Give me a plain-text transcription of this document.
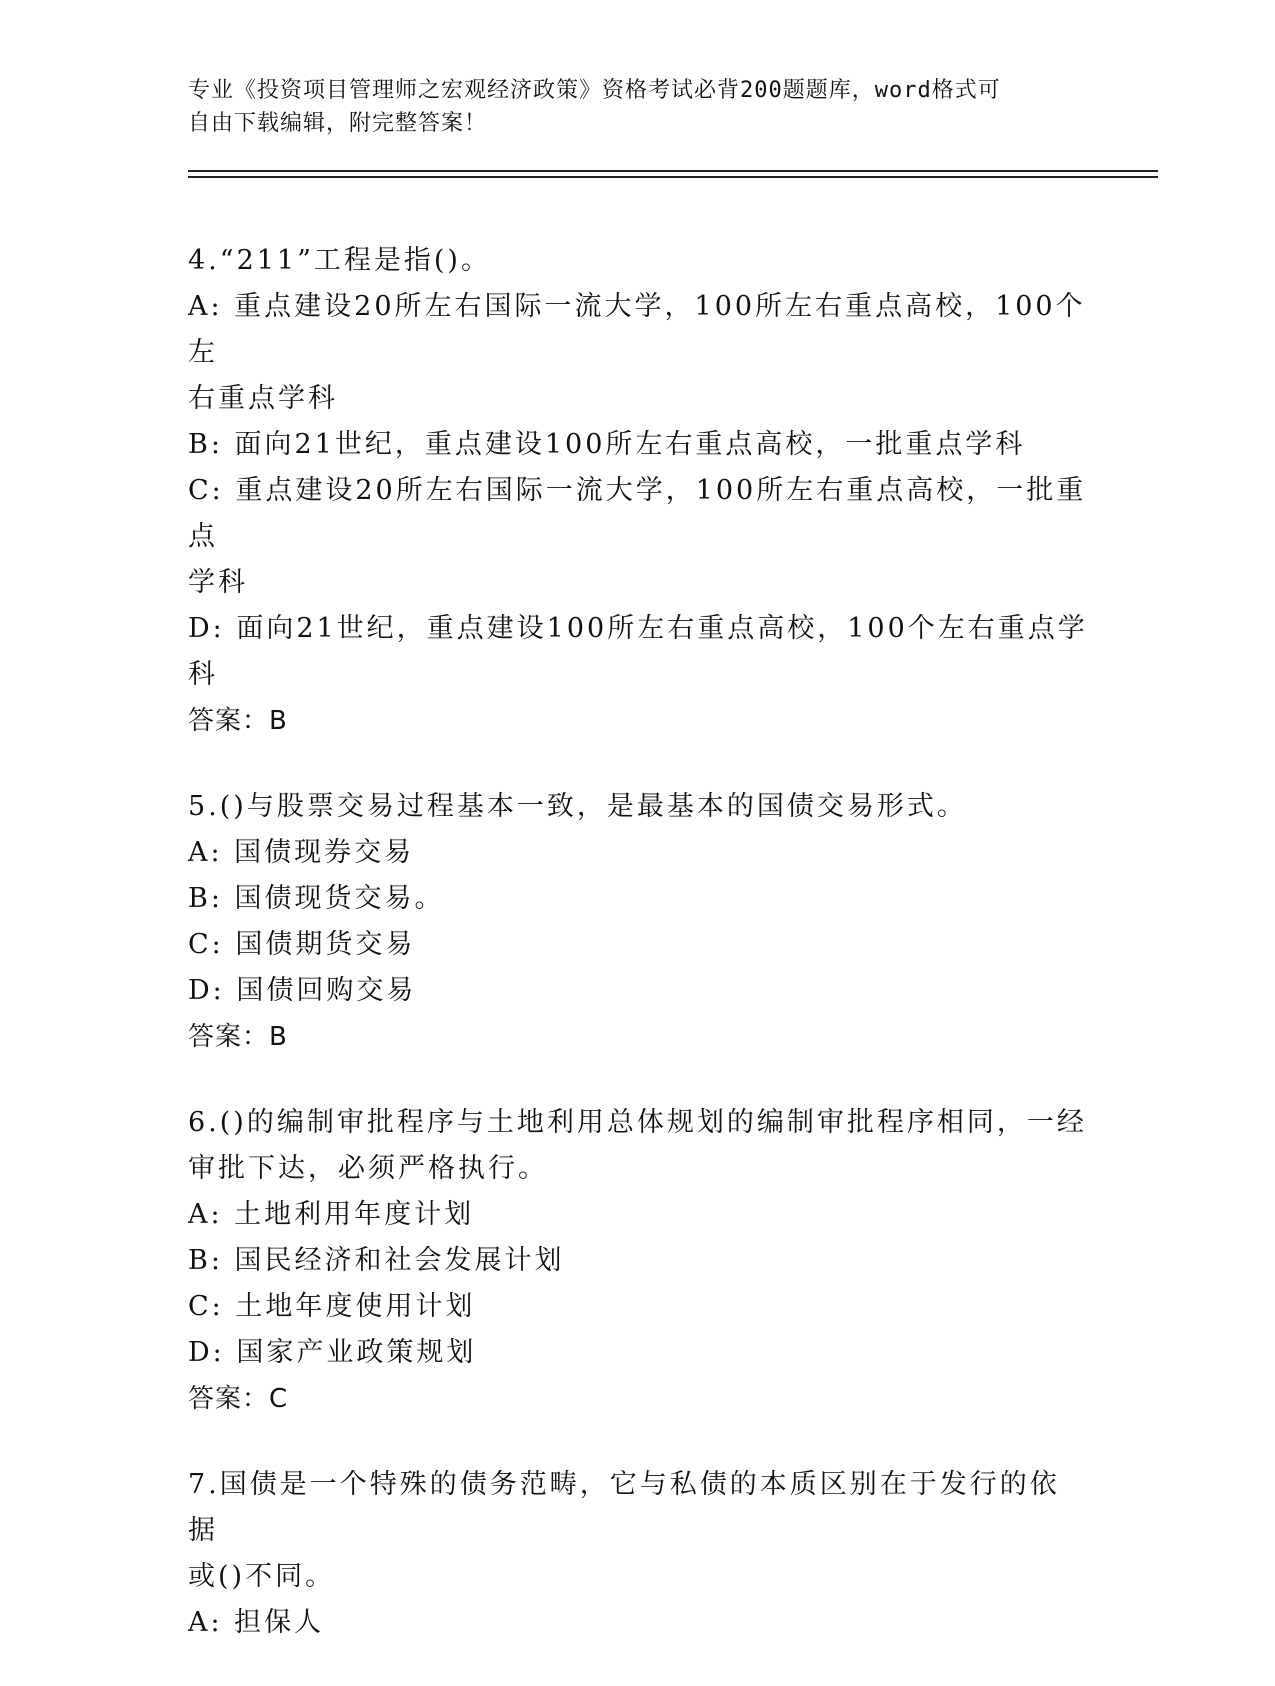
专业《投资项目管理师之宏观经济政策》资格考试必背200题题库，word格式可
自由下载编辑，附完整答案！
4.“211”工程是指()。
A: 重点建设20所左右国际一流大学，100所左右重点高校，100个左
右重点学科
B: 面向21世纪，重点建设100所左右重点高校，一批重点学科
C: 重点建设20所左右国际一流大学，100所左右重点高校，一批重点
学科
D: 面向21世纪，重点建设100所左右重点高校，100个左右重点学科
答案：B
5.()与股票交易过程基本一致，是最基本的国债交易形式。
A: 国债现券交易
B: 国债现货交易。
C: 国债期货交易
D: 国债回购交易
答案：B
6.()的编制审批程序与土地利用总体规划的编制审批程序相同，一经
审批下达，必须严格执行。
A: 土地利用年度计划
B: 国民经济和社会发展计划
C: 土地年度使用计划
D: 国家产业政策规划
答案：C
7.国债是一个特殊的债务范畴，它与私债的本质区别在于发行的依据
或()不同。
A: 担保人
